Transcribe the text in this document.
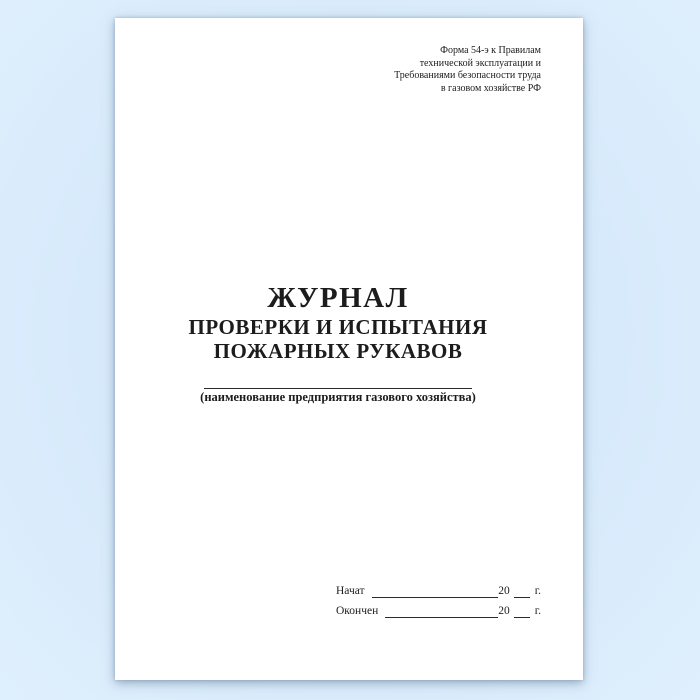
Форма 54-э к Правилам
технической эксплуатации и
Требованиями безопасности труда
в газовом хозяйстве РФ
ЖУРНАЛ
ПРОВЕРКИ И ИСПЫТАНИЯ
ПОЖАРНЫХ РУКАВОВ
(наименование предприятия газового хозяйства)
Начат	20 г.
Окончен	20 г.
